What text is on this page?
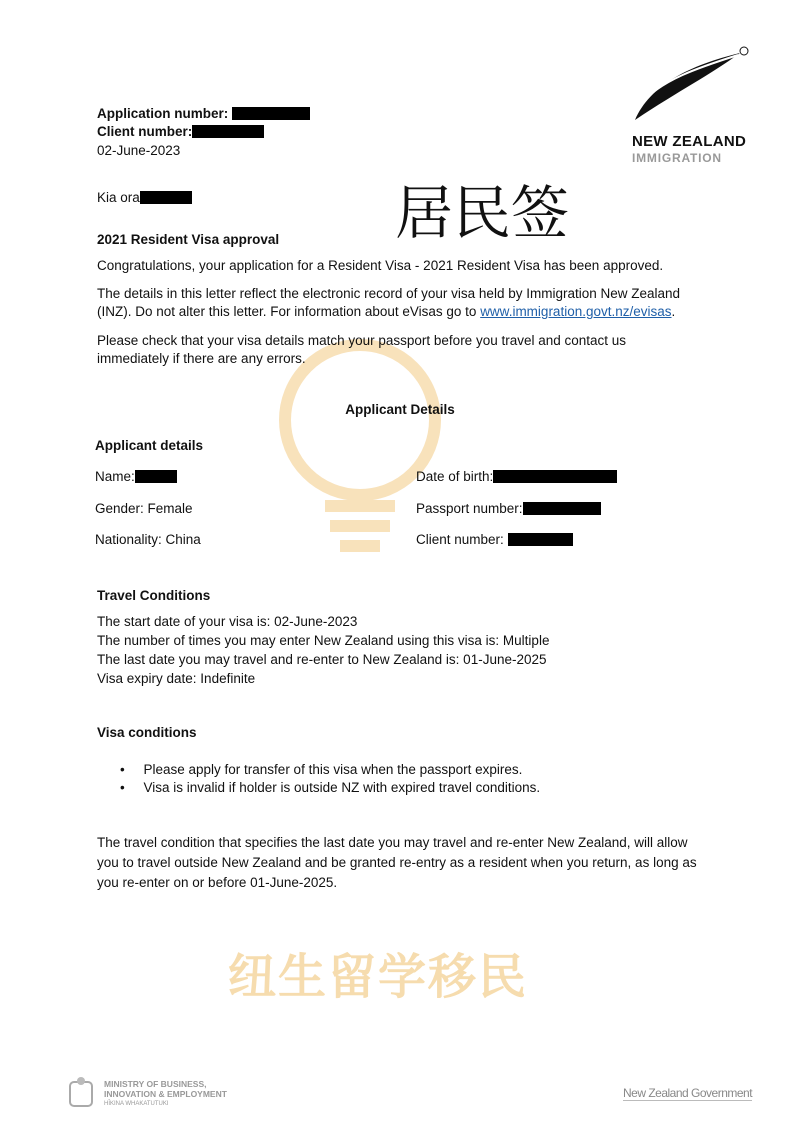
纽生留学移民
NEW ZEALAND
IMMIGRATION
Application number:
Client number:
02-June-2023
Kia ora	居民签
2021 Resident Visa approval
Congratulations, your application for a Resident Visa - 2021 Resident Visa has been approved.
The details in this letter reflect the electronic record of your visa held by Immigration New Zealand
(INZ). Do not alter this letter. For information about eVisas go to www.immigration.govt.nz/evisas.
Please check that your visa details match your passport before you travel and contact us
immediately if there are any errors.
Applicant Details
Applicant details
Name:
Gender: Female
Nationality: China
Date of birth:
Passport number:
Client number:
Travel Conditions
The start date of your visa is: 02-June-2023
The number of times you may enter New Zealand using this visa is: Multiple
The last date you may travel and re-enter to New Zealand is: 01-June-2025
Visa expiry date: Indefinite
Visa conditions
•     Please apply for transfer of this visa when the passport expires.
•     Visa is invalid if holder is outside NZ with expired travel conditions.
The travel condition that specifies the last date you may travel and re-enter New Zealand, will allow
you to travel outside New Zealand and be granted re-entry as a resident when you return, as long as
you re-enter on or before 01-June-2025.
MINISTRY OF BUSINESS,
INNOVATION & EMPLOYMENT
HĪKINA WHAKATUTUKI
New Zealand Government
